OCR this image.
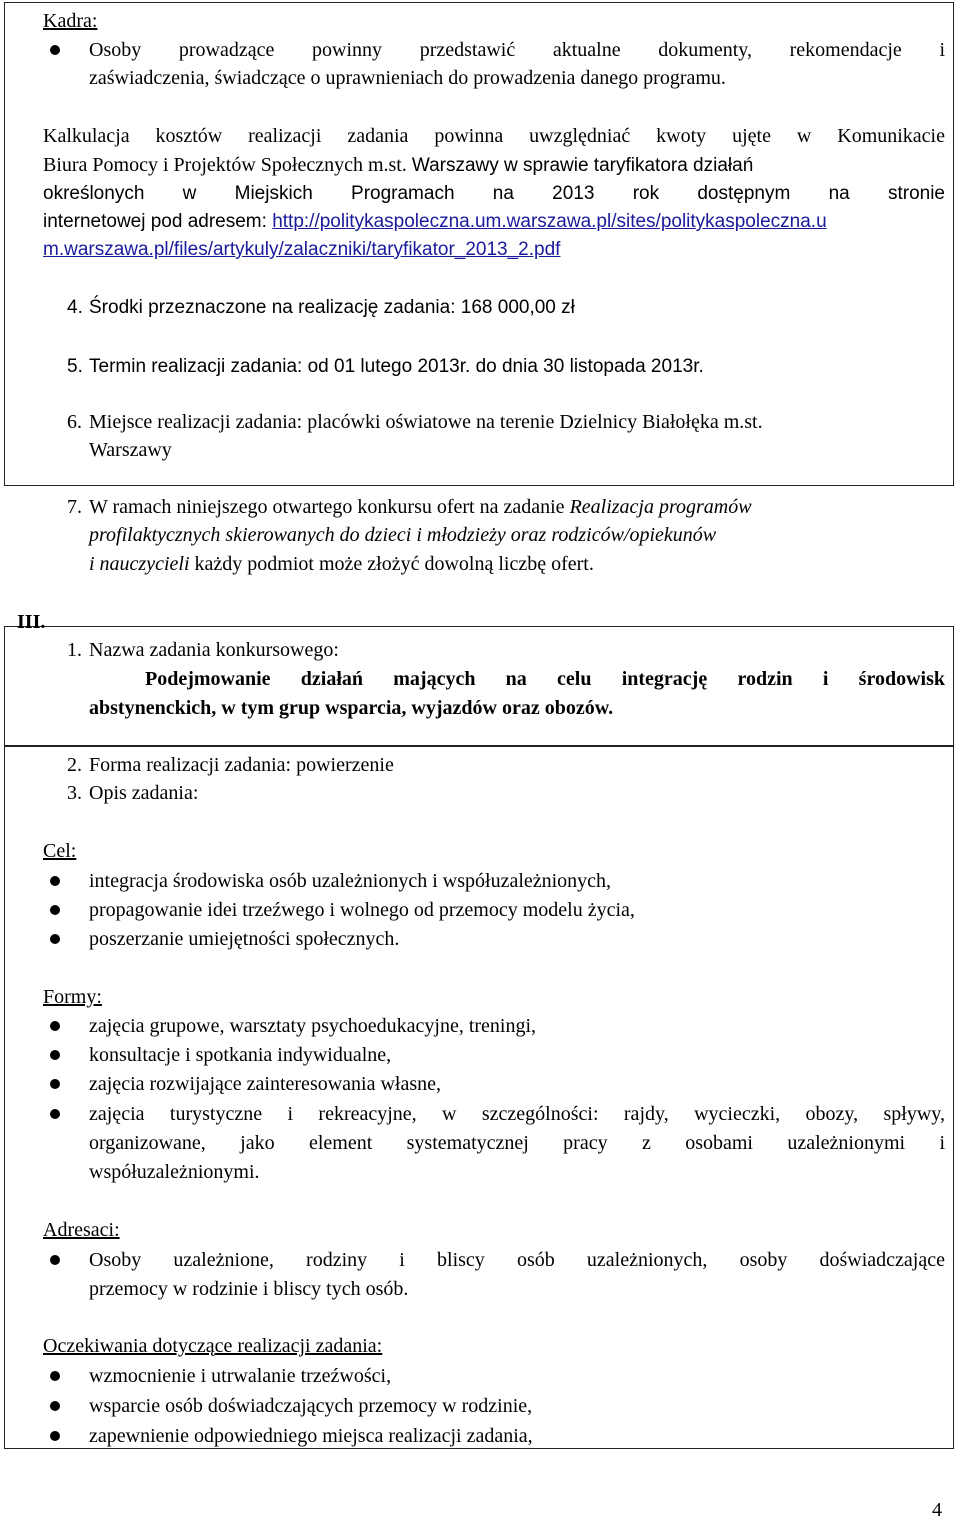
Kadra:
Osoby prowadzące powinny przedstawić aktualne dokumenty, rekomendacje i
zaświadczenia, świadczące o uprawnieniach do prowadzenia danego programu.
Kalkulacja kosztów realizacji zadania powinna uwzględniać kwoty ujęte w Komunikacie
Biura Pomocy i Projektów Społecznych m.st. Warszawy w sprawie taryfikatora działań
określonych w Miejskich Programach na 2013 rok dostępnym na stronie
internetowej pod adresem: http://politykaspoleczna.um.warszawa.pl/sites/politykaspoleczna.u
m.warszawa.pl/files/artykuly/zalaczniki/taryfikator_2013_2.pdf
4. Środki przeznaczone na realizację zadania: 168 000,00 zł
5. Termin realizacji zadania: od 01 lutego 2013r. do dnia 30 listopada 2013r.
6. Miejsce realizacji zadania: placówki oświatowe na terenie Dzielnicy Białołęka m.st.
Warszawy
7. W ramach niniejszego otwartego konkursu ofert na zadanie Realizacja programów
profilaktycznych skierowanych do dzieci i młodzieży oraz rodziców/opiekunów
i nauczycieli każdy podmiot może złożyć dowolną liczbę ofert.
III.
1. Nazwa zadania konkursowego:
Podejmowanie działań mających na celu integrację rodzin i środowisk
abstynenckich, w tym grup wsparcia, wyjazdów oraz obozów.
2. Forma realizacji zadania: powierzenie
3. Opis zadania:
Cel:
integracja środowiska osób uzależnionych i współuzależnionych,
propagowanie idei trzeźwego i wolnego od przemocy modelu życia,
poszerzanie umiejętności społecznych.
Formy:
zajęcia grupowe, warsztaty psychoedukacyjne, treningi,
konsultacje i spotkania indywidualne,
zajęcia rozwijające zainteresowania własne,
zajęcia turystyczne i rekreacyjne, w szczególności: rajdy, wycieczki, obozy, spływy,
organizowane, jako element systematycznej pracy z osobami uzależnionymi i
współuzależnionymi.
Adresaci:
Osoby uzależnione, rodziny i bliscy osób uzależnionych, osoby doświadczające
przemocy w rodzinie i bliscy tych osób.
Oczekiwania dotyczące realizacji zadania:
wzmocnienie i utrwalanie trzeźwości,
wsparcie osób doświadczających przemocy w rodzinie,
zapewnienie odpowiedniego miejsca realizacji zadania,
4
